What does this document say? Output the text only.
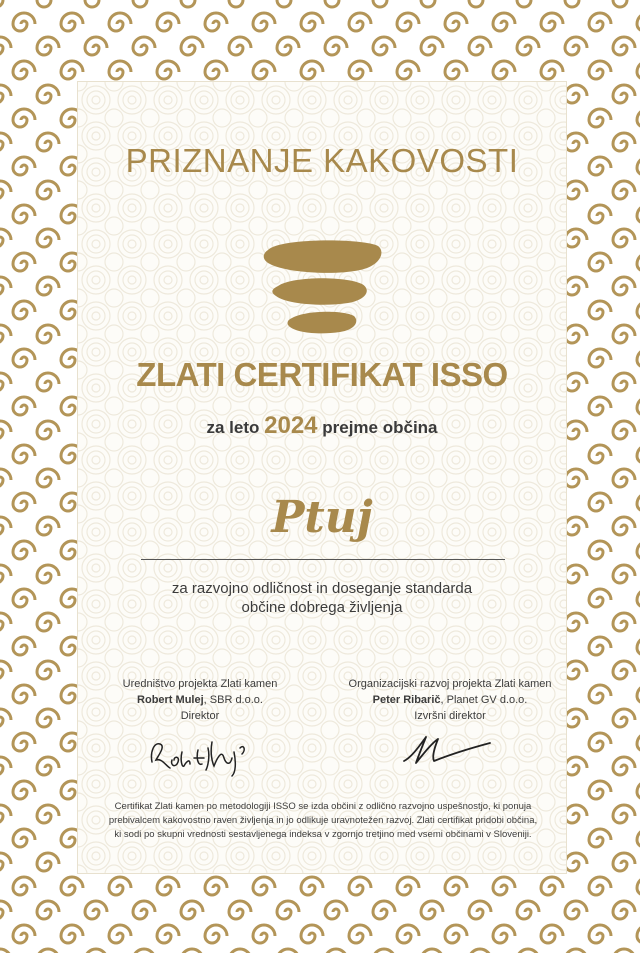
PRIZNANJE KAKOVOSTI
ZLATI CERTIFIKAT ISSO
za leto 2024 prejme občina
Ptuj
za razvojno odličnost in doseganje standarda
občine dobrega življenja
Uredništvo projekta Zlati kamen
Robert Mulej, SBR d.o.o.
Direktor
Organizacijski razvoj projekta Zlati kamen
Peter Ribarič, Planet GV d.o.o.
Izvršni direktor
Certifikat Zlati kamen po metodologiji ISSO se izda občini z odlično razvojno uspešnostjo, ki ponuja
prebivalcem kakovostno raven življenja in jo odlikuje uravnotežen razvoj. Zlati certifikat pridobi občina,
ki sodi po skupni vrednosti sestavljenega indeksa v zgornjo tretjino med vsemi občinami v Sloveniji.
